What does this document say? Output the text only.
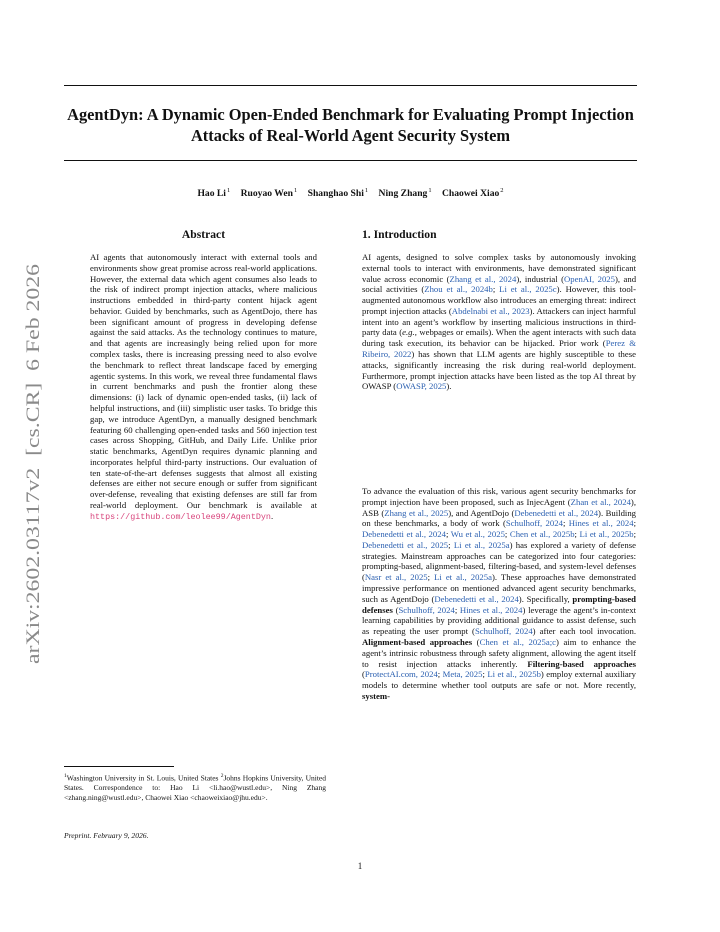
AgentDyn: A Dynamic Open-Ended Benchmark for Evaluating Prompt Injection Attacks of Real-World Agent Security System

Hao Li$^1$ Ruoyao Wen$^1$ Shanghao Shi$^1$ Ning Zhang$^1$ Chaowei Xiao$^2$

arXiv:2602.03117v2  [cs.CR]  6 Feb 2026
Abstract

AI agents that autonomously interact with external tools and environments show great promise across real-world applications. However, the external data which agent consumes also leads to the risk of indirect prompt injection attacks, where malicious instructions embedded in third-party content hijack agent behavior. Guided by benchmarks, such as AgentDojo, there has been significant amount of progress in developing defense against the said attacks. As the technology continues to mature, and that agents are increasingly being relied upon for more complex tasks, there is increasing pressing need to also evolve the benchmark to reflect threat landscape faced by emerging agentic systems. In this work, we reveal three fundamental flaws in current benchmarks and push the frontier along these dimensions: (i) lack of dynamic open-ended tasks, (ii) lack of helpful instructions, and (iii) simplistic user tasks. To bridge this gap, we introduce AgentDyn, a manually designed benchmark featuring 60 challenging open-ended tasks and 560 injection test cases across Shopping, GitHub, and Daily Life. Unlike prior static benchmarks, AgentDyn requires dynamic planning and incorporates helpful third-party instructions. Our evaluation of ten state-of-the-art defenses suggests that almost all existing defenses are either not secure enough or suffer from significant over-defense, revealing that existing defenses are still far from real-world deployment. Our benchmark is available at https://github.com/leolee99/AgentDyn.

1. Introduction

AI agents, designed to solve complex tasks by autonomously invoking external tools to interact with environments, have demonstrated significant value across economic (Zhang et al., 2024), industrial (OpenAI, 2025), and social activities (Zhou et al., 2024b; Li et al., 2025c). However, this tool-augmented autonomous workflow also introduces an emerging threat: indirect prompt injection attacks (Abdelnabi et al., 2023). Attackers can inject harmful intent into an agent’s workflow by inserting malicious instructions in third-party data (e.g., webpages or emails). When the agent interacts with such data during task execution, its behavior can be hijacked. Prior work (Perez & Ribeiro, 2022) has shown that LLM agents are highly susceptible to these attacks, significantly increasing the risk during real-world deployment. Furthermore, prompt injection attacks have been listed as the top AI threat by OWASP (OWASP, 2025).

To advance the evaluation of this risk, various agent security benchmarks for prompt injection have been proposed, such as InjecAgent (Zhan et al., 2024), ASB (Zhang et al., 2025), and AgentDojo (Debenedetti et al., 2024). Building on these benchmarks, a body of work (Schulhoff, 2024; Hines et al., 2024; Debenedetti et al., 2024; Wu et al., 2025; Chen et al., 2025b; Li et al., 2025b; Debenedetti et al., 2025; Li et al., 2025a) has explored a variety of defense strategies. Mainstream approaches can be categorized into four categories: prompting-based, alignment-based, filtering-based, and system-level defenses (Nasr et al., 2025; Li et al., 2025a). These approaches have demonstrated impressive performance on mentioned advanced agent security benchmarks, such as AgentDojo (Debenedetti et al., 2024). Specifically, prompting-based defenses (Schulhoff, 2024; Hines et al., 2024) leverage the agent’s in-context learning capabilities by providing additional guidance to assist defense, such as repeating the user prompt (Schulhoff, 2024) after each tool invocation. Alignment-based approaches (Chen et al., 2025a;c) aim to enhance the agent’s intrinsic robustness through safety alignment, allowing the agent itself to resist injection attacks inherently. Filtering-based approaches (ProtectAI.com, 2024; Meta, 2025; Li et al., 2025b) employ external auxiliary models to determine whether tool outputs are safe or not. More recently, system-

$^1$Washington University in St. Louis, United States $^2$Johns Hopkins University, United States. Correspondence to: Hao Li <li.hao@wustl.edu>, Ning Zhang <zhang.ning@wustl.edu>, Chaowei Xiao <chaoweixiao@jhu.edu>.

Preprint. February 9, 2026.

1
